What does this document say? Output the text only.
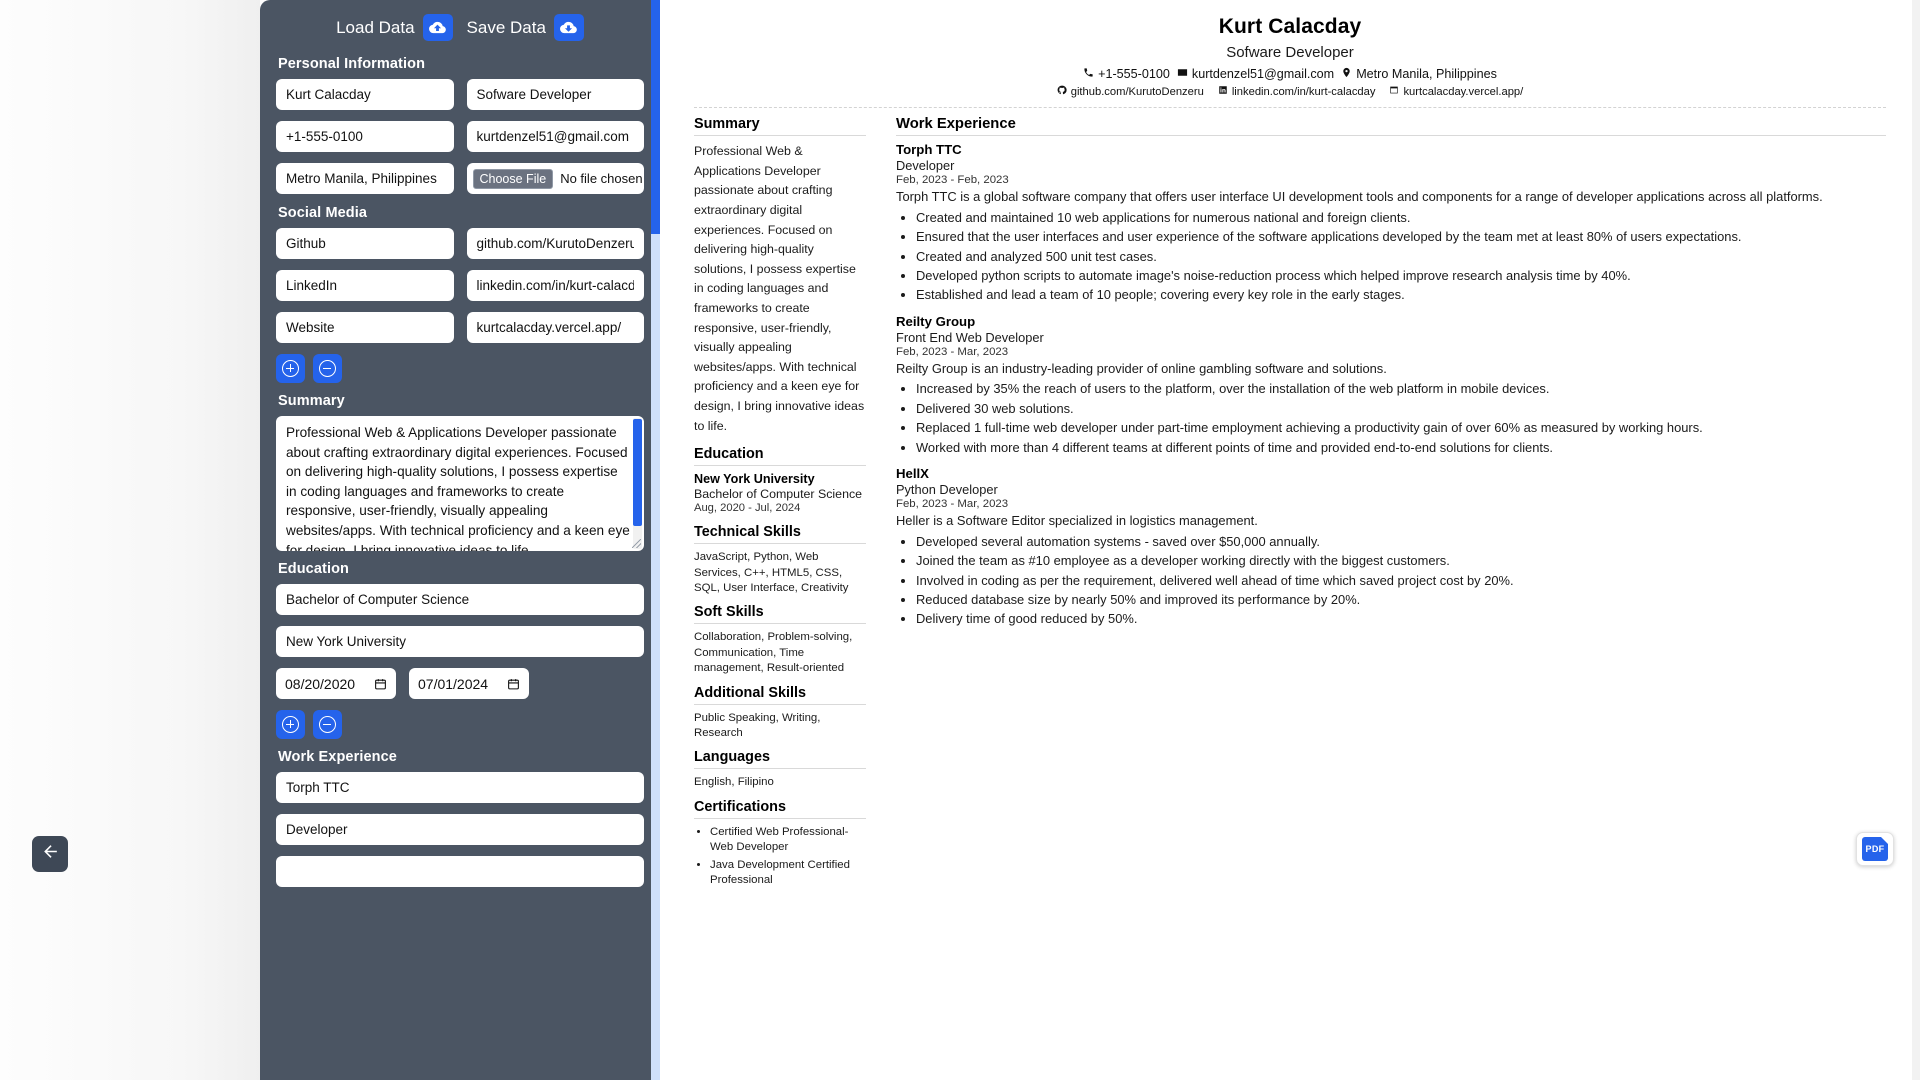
Load Data	Save Data
Personal Information
Kurt Calacday
Sofware Developer
+1-555-0100
kurtdenzel51@gmail.com
Metro Manila, Philippines
Choose File	No file chosen
Social Media
Github
github.com/KurutoDenzeru
LinkedIn
linkedin.com/in/kurt-calacday
Website
kurtcalacday.vercel.app/
Summary
Professional Web & Applications Developer passionate about crafting extraordinary digital experiences. Focused on delivering high-quality solutions, I possess expertise in coding languages and frameworks to create responsive, user-friendly, visually appealing websites/apps. With technical proficiency and a keen eye for design, I bring innovative ideas to life.
Education
Bachelor of Computer Science
New York University
08/20/2020	07/01/2024
Work Experience
Torph TTC
Developer
Kurt Calacday
Sofware Developer
+1-555-0100 kurtdenzel51@gmail.com Metro Manila, Philippines
github.com/KurutoDenzeru	linkedin.com/in/kurt-calacday	kurtcalacday.vercel.app/
Summary
Professional Web & Applications Developer passionate about crafting extraordinary digital experiences. Focused on delivering high-quality solutions, I possess expertise in coding languages and frameworks to create responsive, user-friendly, visually appealing websites/apps. With technical proficiency and a keen eye for design, I bring innovative ideas to life.
Education
New York University
Bachelor of Computer Science
Aug, 2020 - Jul, 2024
Technical Skills
JavaScript, Python, Web Services, C++, HTML5, CSS, SQL, User Interface, Creativity
Soft Skills
Collaboration, Problem-solving, Communication, Time management, Result-oriented
Additional Skills
Public Speaking, Writing, Research
Languages
English, Filipino
Certifications
• Certified Web Professional-Web Developer
• Java Development Certified Professional
Work Experience
Torph TTC
Developer
Feb, 2023 - Feb, 2023
Torph TTC is a global software company that offers user interface UI development tools and components for a range of developer applications across all platforms.
• Created and maintained 10 web applications for numerous national and foreign clients.
• Ensured that the user interfaces and user experience of the software applications developed by the team met at least 80% of users expectations.
• Created and analyzed 500 unit test cases.
• Developed python scripts to automate image's noise-reduction process which helped improve research analysis time by 40%.
• Established and lead a team of 10 people; covering every key role in the early stages.
Reilty Group
Front End Web Developer
Feb, 2023 - Mar, 2023
Reilty Group is an industry-leading provider of online gambling software and solutions.
• Increased by 35% the reach of users to the platform, over the installation of the web platform in mobile devices.
• Delivered 30 web solutions.
• Replaced 1 full-time web developer under part-time employment achieving a productivity gain of over 60% as measured by working hours.
• Worked with more than 4 different teams at different points of time and provided end-to-end solutions for clients.
HellX
Python Developer
Feb, 2023 - Mar, 2023
Heller is a Software Editor specialized in logistics management.
• Developed several automation systems - saved over $50,000 annually.
• Joined the team as #10 employee as a developer working directly with the biggest customers.
• Involved in coding as per the requirement, delivered well ahead of time which saved project cost by 20%.
• Reduced database size by nearly 50% and improved its performance by 20%.
• Delivery time of good reduced by 50%.
PDF
